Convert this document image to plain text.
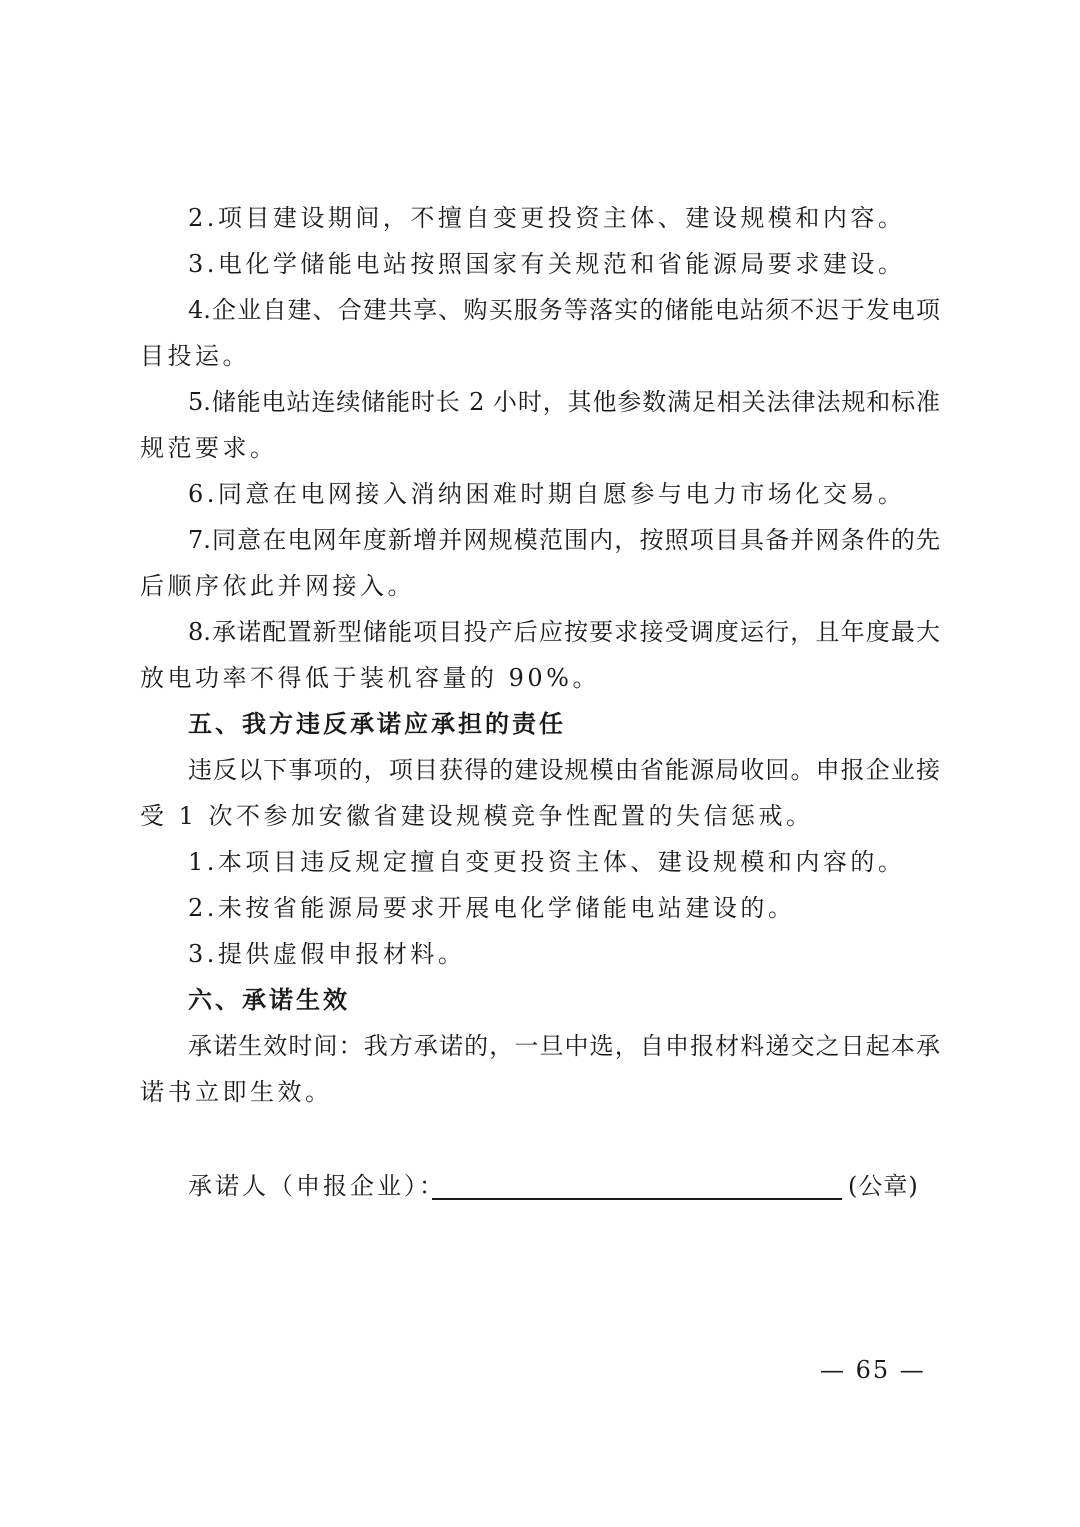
2.项目建设期间，不擅自变更投资主体、建设规模和内容。
3.电化学储能电站按照国家有关规范和省能源局要求建设。
4.企业自建、合建共享、购买服务等落实的储能电站须不迟于发电项
目投运。
5.储能电站连续储能时长 2 小时，其他参数满足相关法律法规和标准
规范要求。
6.同意在电网接入消纳困难时期自愿参与电力市场化交易。
7.同意在电网年度新增并网规模范围内，按照项目具备并网条件的先
后顺序依此并网接入。
8.承诺配置新型储能项目投产后应按要求接受调度运行，且年度最大
放电功率不得低于装机容量的 90%。
五、我方违反承诺应承担的责任
违反以下事项的，项目获得的建设规模由省能源局收回。申报企业接
受 1 次不参加安徽省建设规模竞争性配置的失信惩戒。
1.本项目违反规定擅自变更投资主体、建设规模和内容的。
2.未按省能源局要求开展电化学储能电站建设的。
3.提供虚假申报材料。
六、承诺生效
承诺生效时间：我方承诺的，一旦中选，自申报材料递交之日起本承
诺书立即生效。
承诺人（申报企业）：	(公章)
— 65 —
